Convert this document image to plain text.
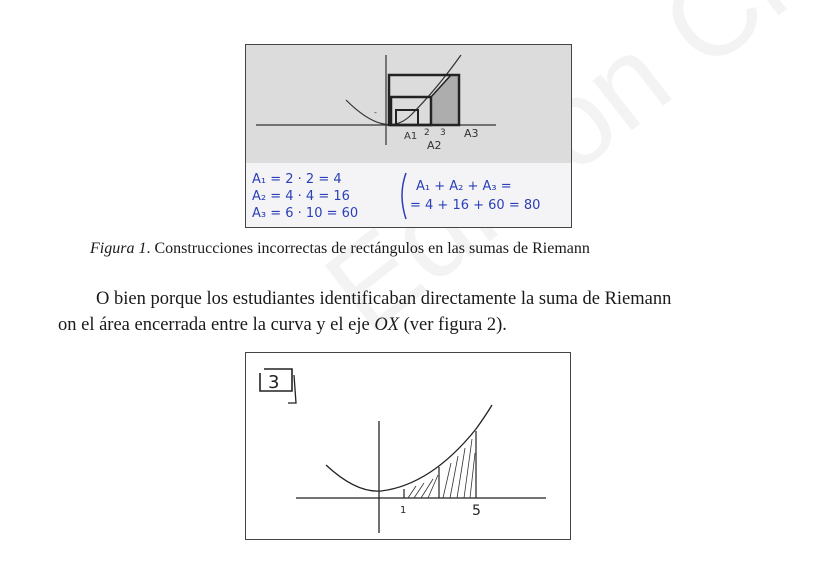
-
A1 2 3
A2
A3
A₁ = 2 · 2 = 4
A₂ = 4 · 4 = 16
A₃ = 6 · 10 = 60
A₁ + A₂ + A₃ =
= 4 + 16 + 60 = 80
Figura 1. Construcciones incorrectas de rectángulos en las sumas de Riemann
O bien porque los estudiantes identificaban directamente la suma de Riemann
on el área encerrada entre la curva y el eje OX (ver figura 2).
3
1	5
